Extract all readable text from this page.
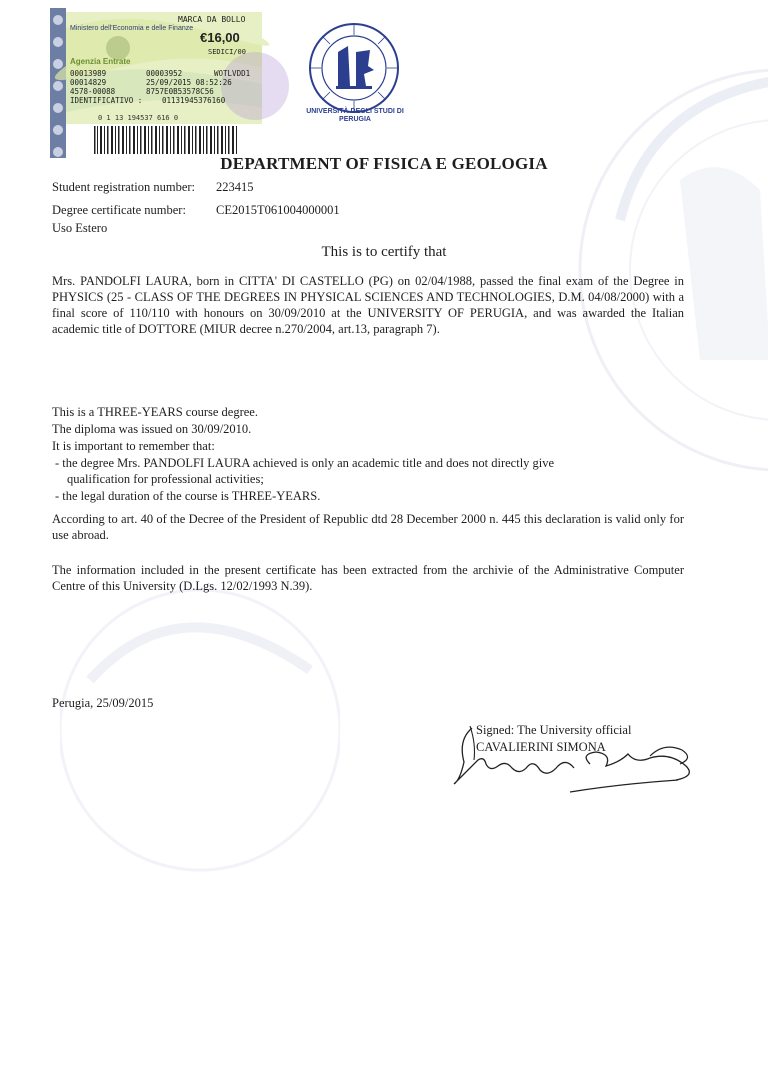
Ministero dell'Economia e delle Finanze
MARCA DA BOLLO
€16,00
SEDICI/00
Agenzia Entrate
00013989
00014829
4578-00088
00003952
25/09/2015 08:52:26
8757E0B53578C56
WOTLVDD1
IDENTIFICATIVO :	01131945376160
0 1 13 194537 616 0
UNIVERSITÀ DEGLI STUDI DI PERUGIA
DEPARTMENT OF FISICA E GEOLOGIA
Student registration number: 223415
Degree certificate number: CE2015T061004000001
Uso Estero
This is to certify that
Mrs. PANDOLFI LAURA, born in CITTA' DI CASTELLO (PG) on 02/04/1988, passed the final exam of the Degree in PHYSICS (25 - CLASS OF THE DEGREES IN PHYSICAL SCIENCES AND TECHNOLOGIES, D.M. 04/08/2000) with a final score of 110/110 with honours on 30/09/2010 at the UNIVERSITY OF PERUGIA, and was awarded the Italian academic title of DOTTORE (MIUR decree n.270/2004, art.13, paragraph 7).
This is a THREE-YEARS course degree.
The diploma was issued on 30/09/2010.
It is important to remember that:
- the degree Mrs. PANDOLFI LAURA achieved is only an academic title and does not directly give
qualification for professional activities;
- the legal duration of the course is THREE-YEARS.
According to art. 40 of the Decree of the President of Republic dtd 28 December 2000 n. 445 this declaration is valid only for use abroad.
The information included in the present certificate has been extracted from the archivie of the Administrative Computer Centre of this University (D.Lgs. 12/02/1993 N.39).
Perugia, 25/09/2015
Signed: The University official
CAVALIERINI SIMONA
